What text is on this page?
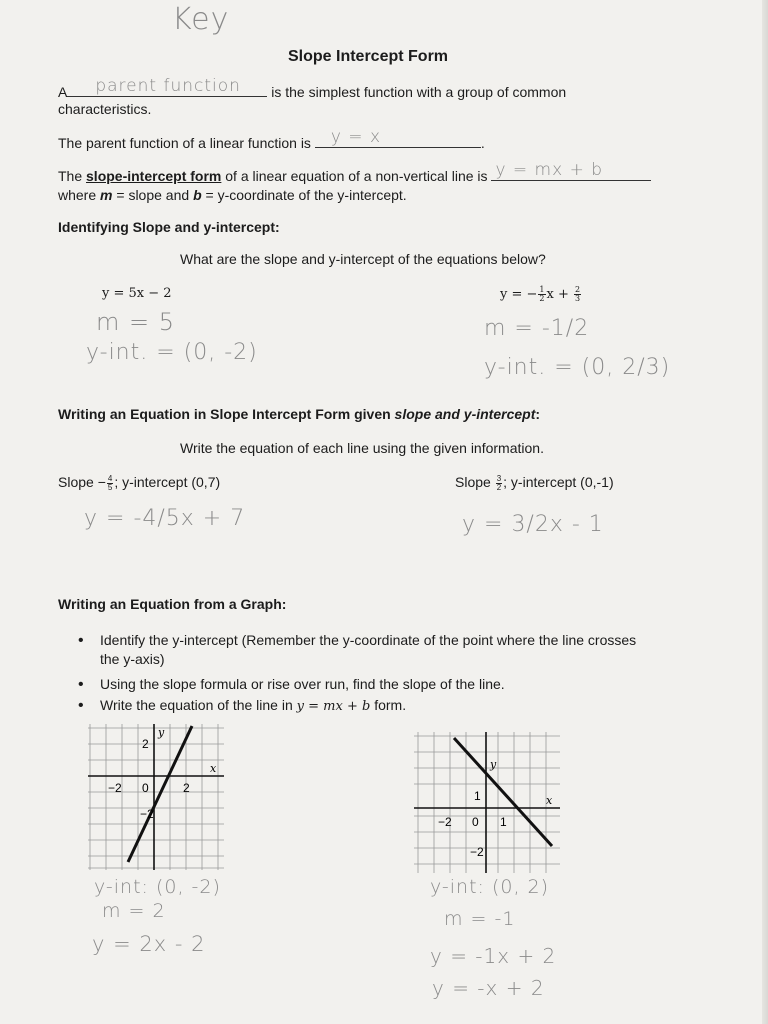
Key
Slope Intercept Form
A parent function is the simplest function with a group of common
characteristics.
The parent function of a linear function is y = x	.
The slope-intercept form of a linear equation of a non-vertical line is y = mx + b
where m = slope and b = y-coordinate of the y-intercept.
Identifying Slope and y-intercept:
What are the slope and y-intercept of the equations below?
y = 5x − 2
m = 5
y-int. = (0, -2)
y = − $\frac{1}{2}$ $x + \frac{2}{3}$
m = -1/2
y-int. = (0, 2/3)
Writing an Equation in Slope Intercept Form given slope and y-intercept:
Write the equation of each line using the given information.
Slope − $\frac{4}{5}$ ; y-intercept (0,7)
y = -4/5x + 7
Slope $\frac{3}{2}$ ; y-intercept (0,-1)
y = 3/2x - 1
Writing an Equation from a Graph:
• Identify the y-intercept (Remember the y-coordinate of the point where the line crosses
the y-axis)
• Using the slope formula or rise over run, find the slope of the line.
• Write the equation of the line in y = mx + b form.
x
y
−2 0	2
2
−2
y-int: (0, -2)
m = 2
y = 2x - 2
x
y
−2 0 1
1
−2
y-int: (0, 2)
m = -1
y = -1x + 2
y = -x + 2
